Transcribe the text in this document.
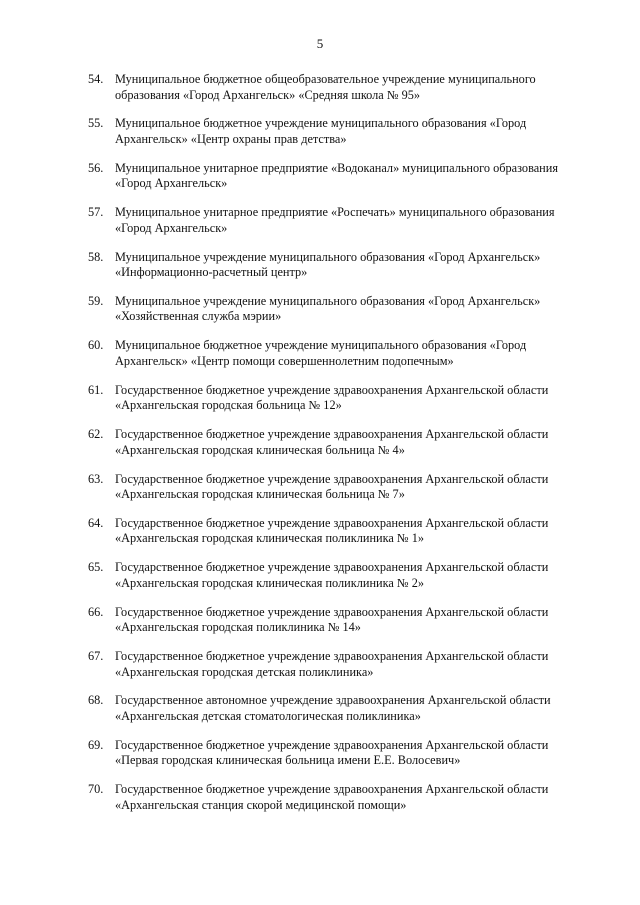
5
54. Муниципальное бюджетное общеобразовательное учреждение муниципального
образования «Город Архангельск» «Средняя школа № 95»
55. Муниципальное бюджетное учреждение муниципального образования «Город
Архангельск» «Центр охраны прав детства»
56. Муниципальное унитарное предприятие «Водоканал» муниципального образования
«Город Архангельск»
57. Муниципальное унитарное предприятие «Роспечать» муниципального образования
«Город Архангельск»
58. Муниципальное учреждение муниципального образования «Город Архангельск»
«Информационно-расчетный центр»
59. Муниципальное учреждение муниципального образования «Город Архангельск»
«Хозяйственная служба мэрии»
60. Муниципальное бюджетное учреждение муниципального образования «Город
Архангельск» «Центр помощи совершеннолетним подопечным»
61. Государственное бюджетное учреждение здравоохранения Архангельской области
«Архангельская городская больница № 12»
62. Государственное бюджетное учреждение здравоохранения Архангельской области
«Архангельская городская клиническая больница № 4»
63. Государственное бюджетное учреждение здравоохранения Архангельской области
«Архангельская городская клиническая больница № 7»
64. Государственное бюджетное учреждение здравоохранения Архангельской области
«Архангельская городская клиническая поликлиника № 1»
65. Государственное бюджетное учреждение здравоохранения Архангельской области
«Архангельская городская клиническая поликлиника № 2»
66. Государственное бюджетное учреждение здравоохранения Архангельской области
«Архангельская городская поликлиника № 14»
67. Государственное бюджетное учреждение здравоохранения Архангельской области
«Архангельская городская детская поликлиника»
68. Государственное автономное учреждение здравоохранения Архангельской области
«Архангельская детская стоматологическая поликлиника»
69. Государственное бюджетное учреждение здравоохранения Архангельской области
«Первая городская клиническая больница имени Е.Е. Волосевич»
70. Государственное бюджетное учреждение здравоохранения Архангельской области
«Архангельская станция скорой медицинской помощи»
